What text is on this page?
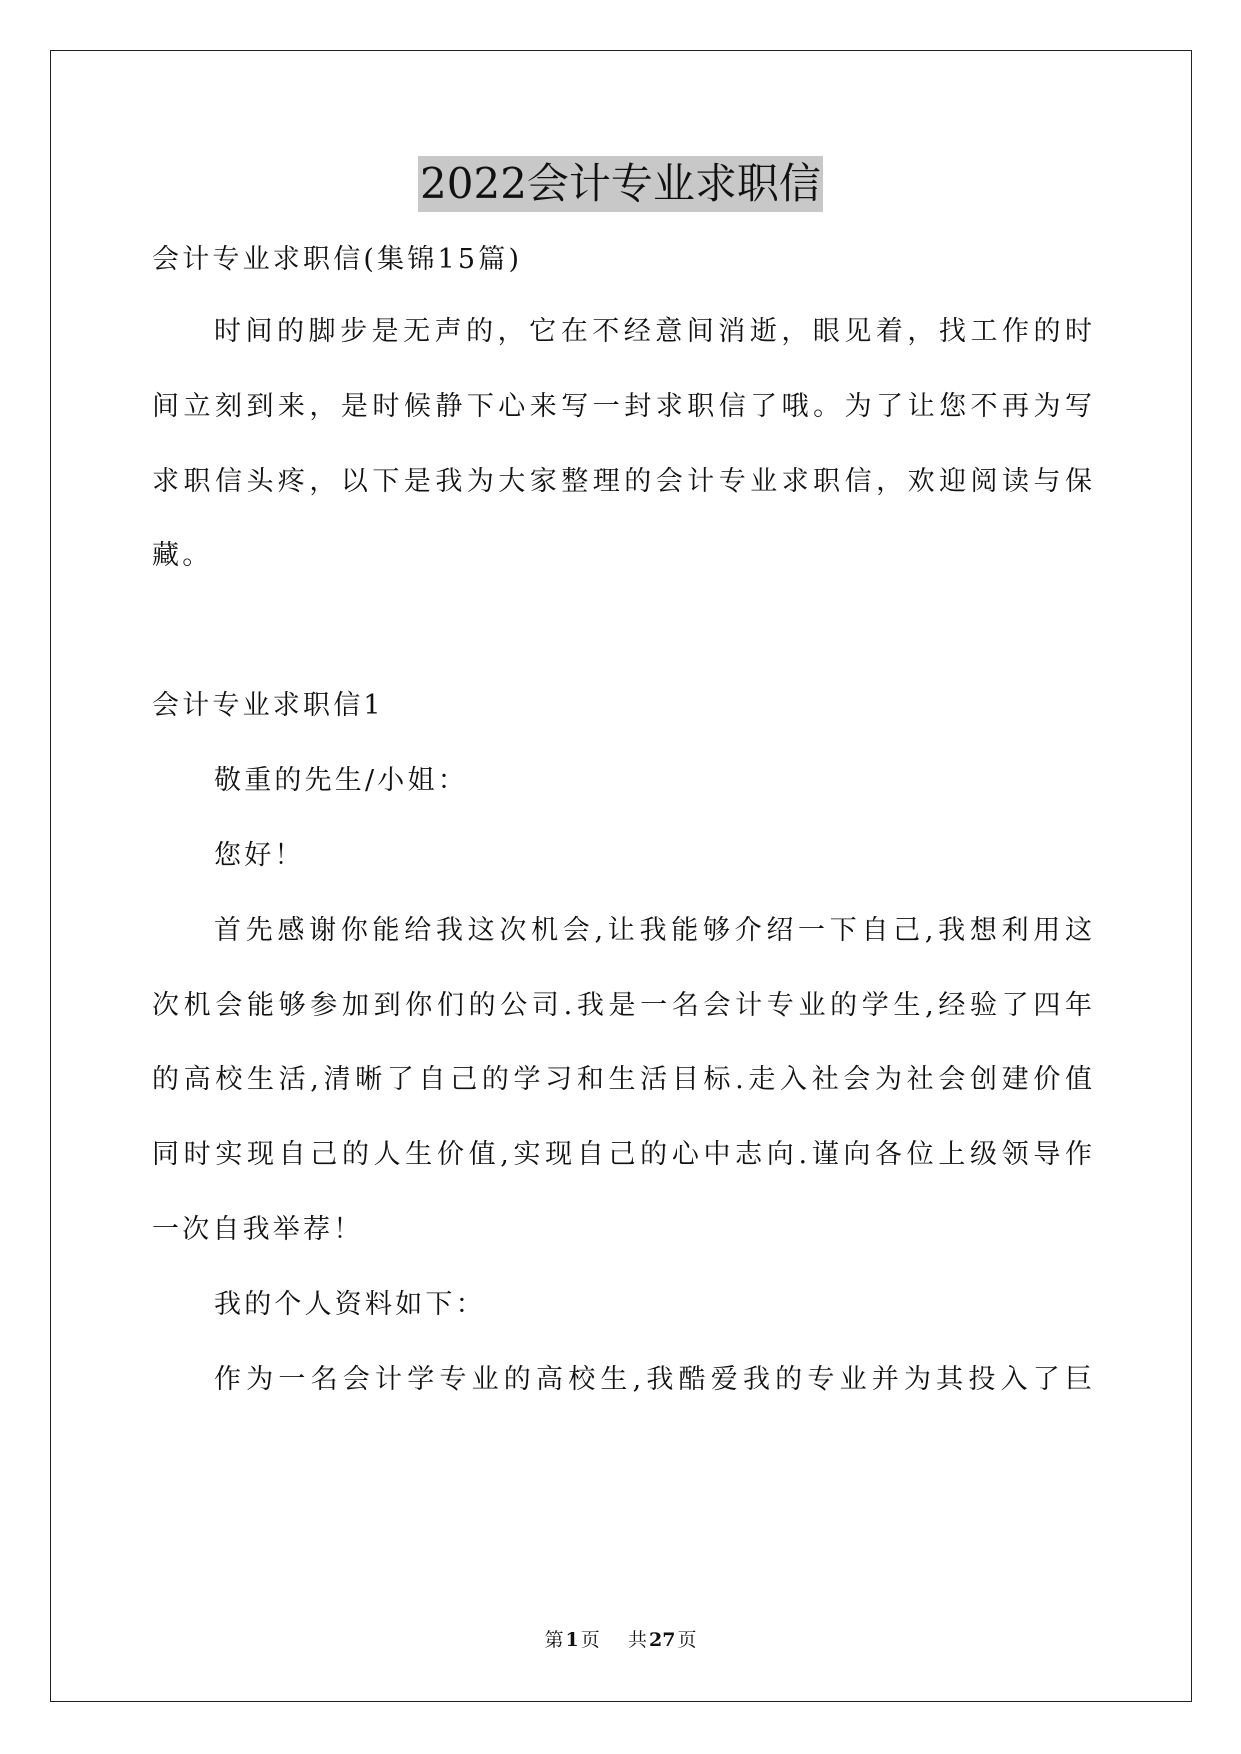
2022会计专业求职信
会计专业求职信(集锦15篇)
时间的脚步是无声的，它在不经意间消逝，眼见着，找工作的时
间立刻到来，是时候静下心来写一封求职信了哦。为了让您不再为写
求职信头疼，以下是我为大家整理的会计专业求职信，欢迎阅读与保
藏。
会计专业求职信1
敬重的先生/小姐：
您好！
首先感谢你能给我这次机会,让我能够介绍一下自己,我想利用这
次机会能够参加到你们的公司.我是一名会计专业的学生,经验了四年
的高校生活,清晰了自己的学习和生活目标.走入社会为社会创建价值
同时实现自己的人生价值,实现自己的心中志向.谨向各位上级领导作
一次自我举荐！
我的个人资料如下：
作为一名会计学专业的高校生,我酷爱我的专业并为其投入了巨
第 1 页 共 27 页
